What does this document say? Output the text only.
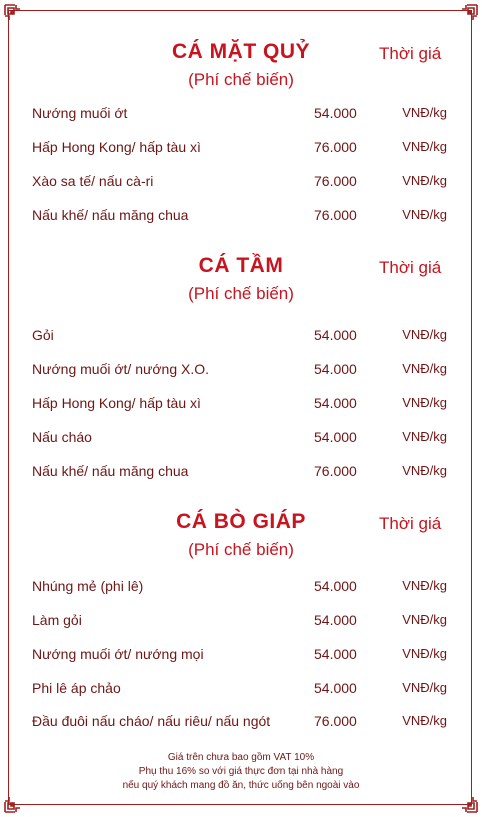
CÁ MẶT QUỶ	Thời giá
(Phí chế biến)
Nướng muối ớt	54.000	VNĐ/kg
Hấp Hong Kong/ hấp tàu xì	76.000	VNĐ/kg
Xào sa tế/ nấu cà-ri	76.000	VNĐ/kg
Nấu khế/ nấu măng chua	76.000	VNĐ/kg
CÁ TẦM	Thời giá
(Phí chế biến)
Gỏi	54.000	VNĐ/kg
Nướng muối ớt/ nướng X.O.	54.000	VNĐ/kg
Hấp Hong Kong/ hấp tàu xì	54.000	VNĐ/kg
Nấu cháo	54.000	VNĐ/kg
Nấu khế/ nấu măng chua	76.000	VNĐ/kg
CÁ BÒ GIÁP	Thời giá
(Phí chế biến)
Nhúng mẻ (phi lê)	54.000	VNĐ/kg
Làm gỏi	54.000	VNĐ/kg
Nướng muối ớt/ nướng mọi	54.000	VNĐ/kg
Phi lê áp chảo	54.000	VNĐ/kg
Đầu đuôi nấu cháo/ nấu riêu/ nấu ngót	76.000	VNĐ/kg
Giá trên chưa bao gồm VAT 10%
Phụ thu 16% so với giá thực đơn tại nhà hàng
nếu quý khách mang đồ ăn, thức uống bên ngoài vào
